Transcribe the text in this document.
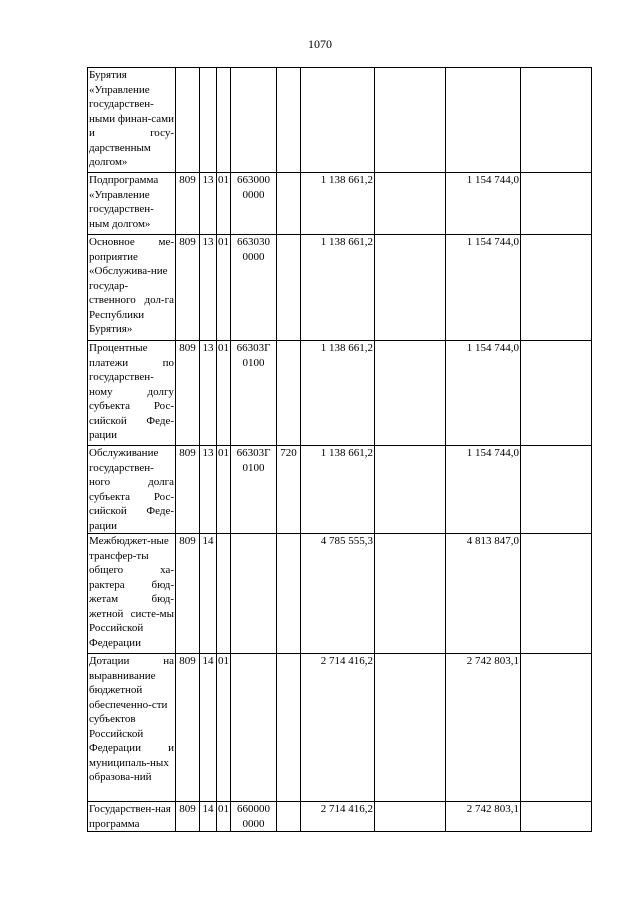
1070
Бурятия «Управление государствен-ными финан-сами и госу-дарственным долгом»									
Подпрограмма «Управление государствен-ным долгом»	809	13	01	663000 0000		1 138 661,2		1 154 744,0	
Основное ме-роприятие «Обслужива-ние государ-ственного дол-га Республики Бурятия»	809	13	01	663030 0000		1 138 661,2		1 154 744,0	
Процентные платежи по государствен-ному долгу субъекта Рос-сийской Феде-рации	809	13	01	66303Г 0100		1 138 661,2		1 154 744,0	
Обслуживание государствен-ного долга субъекта Рос-сийской Феде-рации	809	13	01	66303Г 0100	720	1 138 661,2		1 154 744,0	
Межбюджет-ные трансфер-ты общего ха-рактера бюд-жетам бюд-жетной систе-мы Российской Федерации	809	14				4 785 555,3		4 813 847,0	
Дотации на выравнивание бюджетной обеспеченно-сти субъектов Российской Федерации и муниципаль-ных образова-ний	809	14	01			2 714 416,2		2 742 803,1	
Государствен-ная программа	809	14	01	660000 0000		2 714 416,2		2 742 803,1	
